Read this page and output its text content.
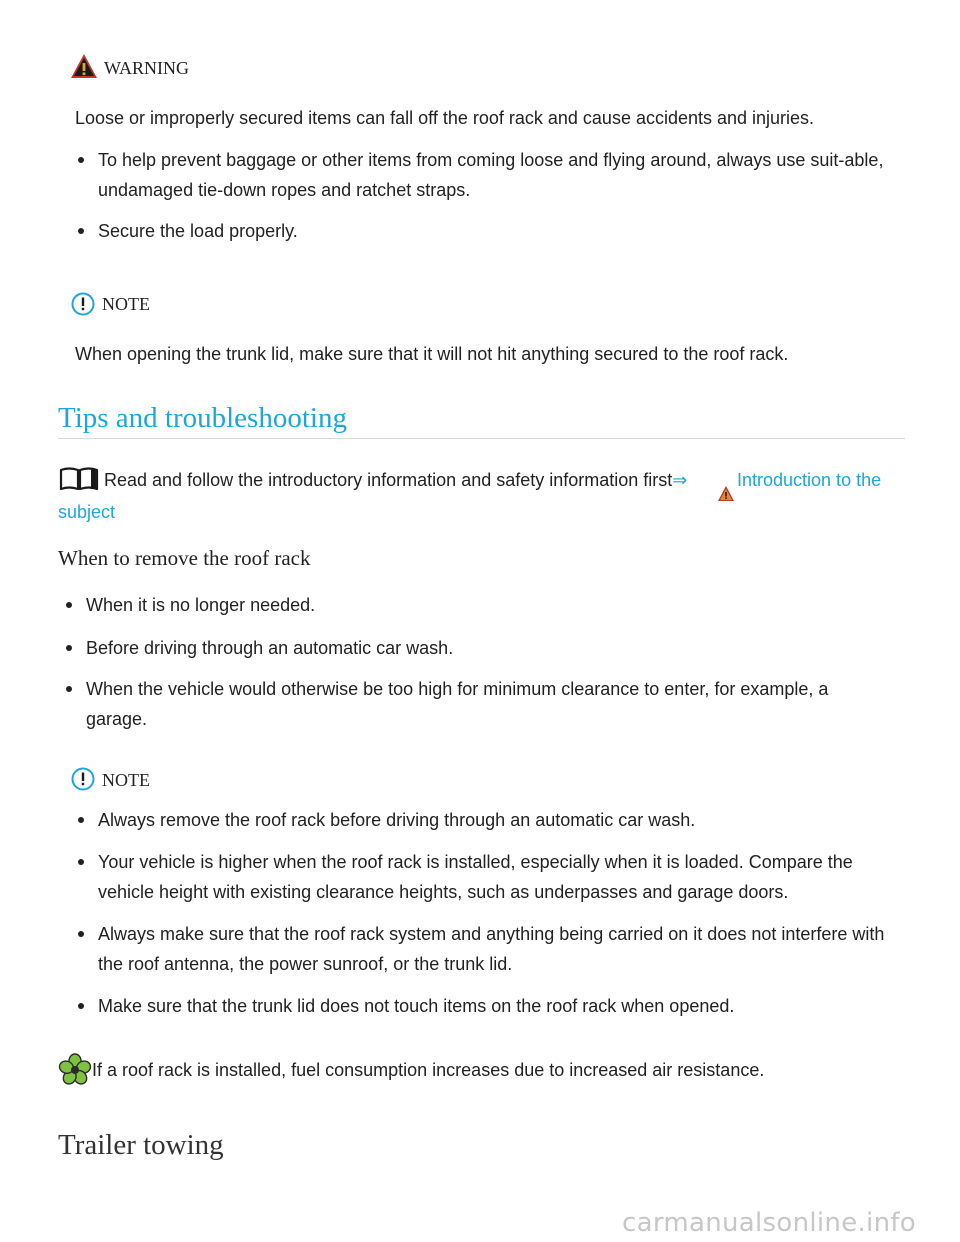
WARNING
Loose or improperly secured items can fall off the roof rack and cause accidents and injuries.
To help prevent baggage or other items from coming loose and flying around, always use suit-able, undamaged tie-down ropes and ratchet straps.
Secure the load properly.
NOTE
When opening the trunk lid, make sure that it will not hit anything secured to the roof rack.
Tips and troubleshooting
Read and follow the introductory information and safety information first⇒	Introduction to the
subject
When to remove the roof rack
When it is no longer needed.
Before driving through an automatic car wash.
When the vehicle would otherwise be too high for minimum clearance to enter, for example, a garage.
NOTE
Always remove the roof rack before driving through an automatic car wash.
Your vehicle is higher when the roof rack is installed, especially when it is loaded. Compare the vehicle height with existing clearance heights, such as underpasses and garage doors.
Always make sure that the roof rack system and anything being carried on it does not interfere with the roof antenna, the power sunroof, or the trunk lid.
Make sure that the trunk lid does not touch items on the roof rack when opened.
If a roof rack is installed, fuel consumption increases due to increased air resistance.
Trailer towing
carmanualsonline.info
